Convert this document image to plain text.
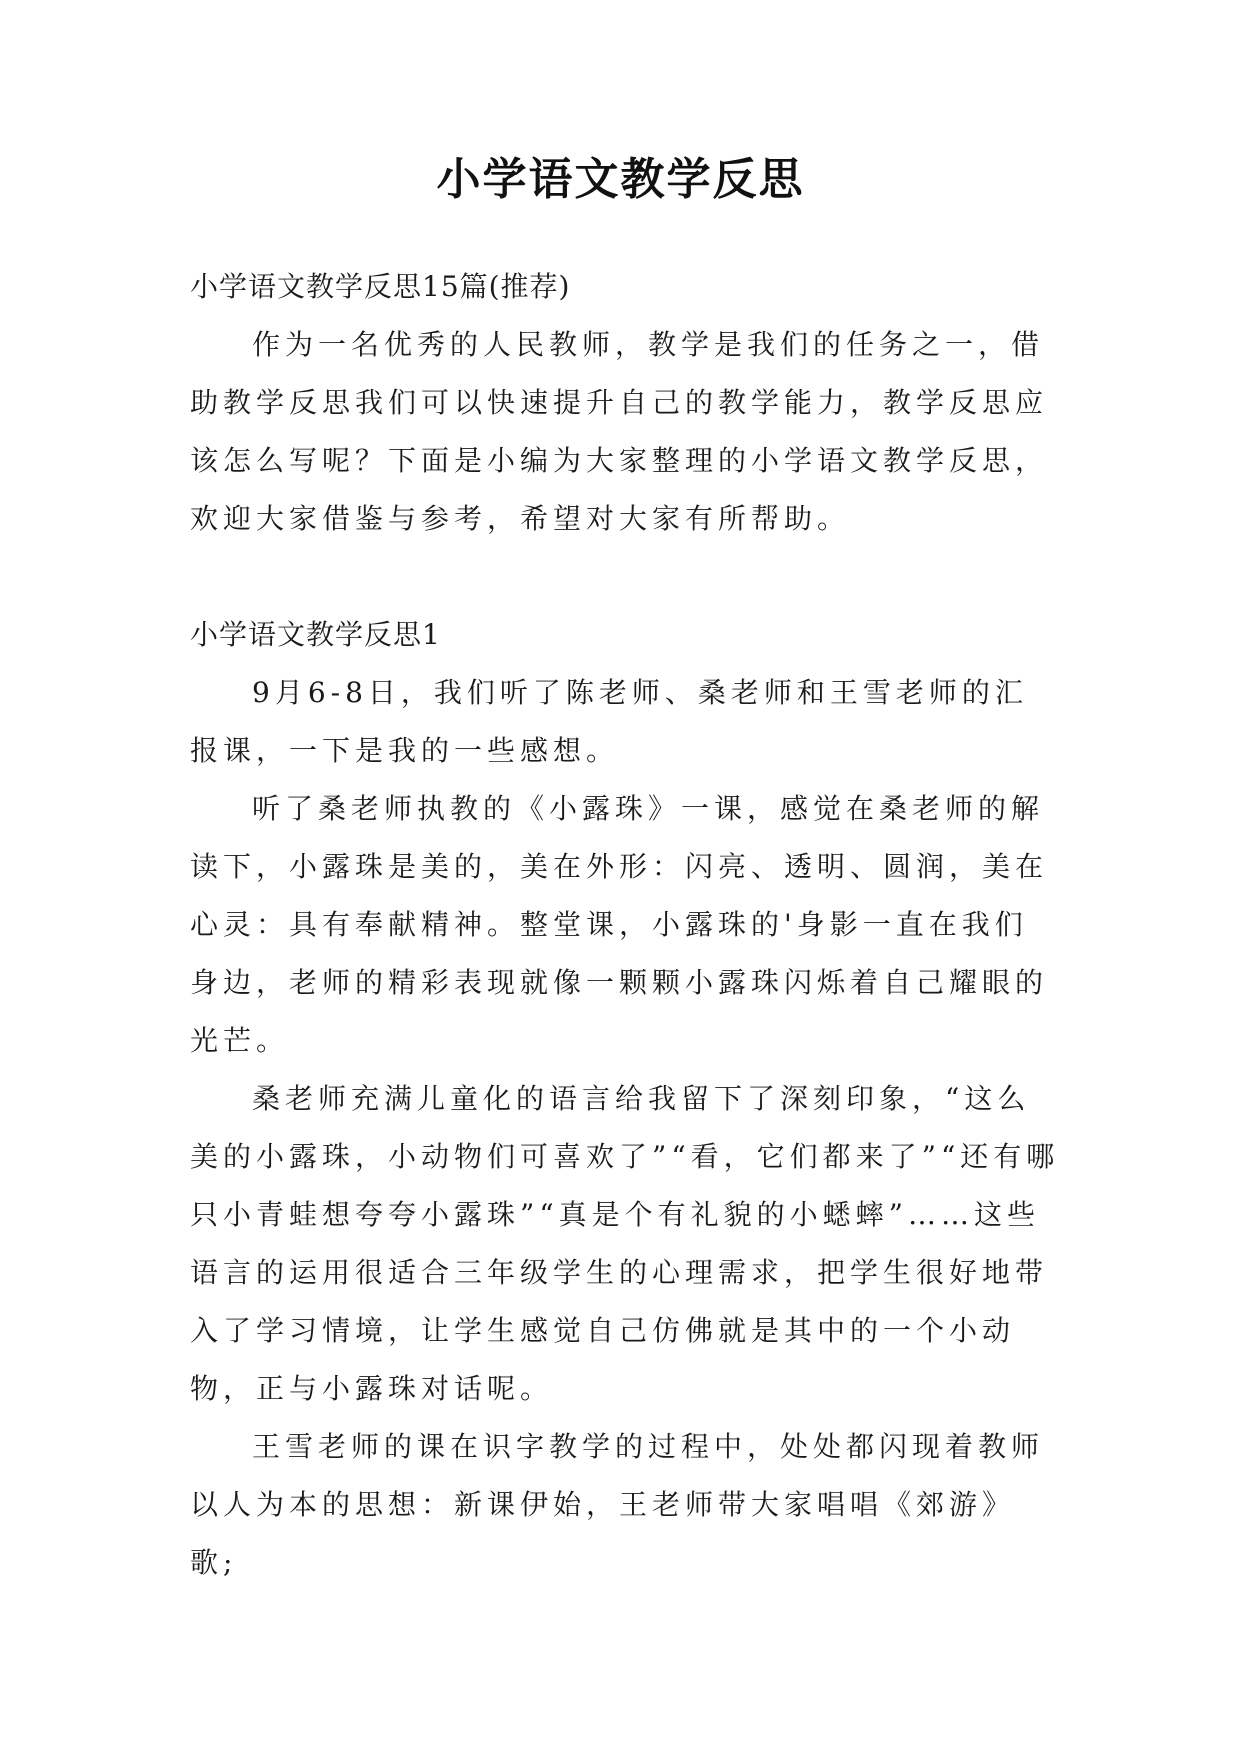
小学语文教学反思

小学语文教学反思15篇(推荐)

作为一名优秀的人民教师，教学是我们的任务之一，借助教学反思我们可以快速提升自己的教学能力，教学反思应该怎么写呢？下面是小编为大家整理的小学语文教学反思，欢迎大家借鉴与参考，希望对大家有所帮助。

小学语文教学反思1

9月6-8日，我们听了陈老师、桑老师和王雪老师的汇报课，一下是我的一些感想。

听了桑老师执教的《小露珠》一课，感觉在桑老师的解读下，小露珠是美的，美在外形：闪亮、透明、圆润，美在心灵：具有奉献精神。整堂课，小露珠的'身影一直在我们身边，老师的精彩表现就像一颗颗小露珠闪烁着自己耀眼的光芒。

桑老师充满儿童化的语言给我留下了深刻印象，“这么美的小露珠，小动物们可喜欢了”“看，它们都来了”“还有哪只小青蛙想夸夸小露珠”“真是个有礼貌的小蟋蟀”……这些语言的运用很适合三年级学生的心理需求，把学生很好地带入了学习情境，让学生感觉自己仿佛就是其中的一个小动物，正与小露珠对话呢。

王雪老师的课在识字教学的过程中，处处都闪现着教师以人为本的思想：新课伊始，王老师带大家唱唱《郊游》歌;
